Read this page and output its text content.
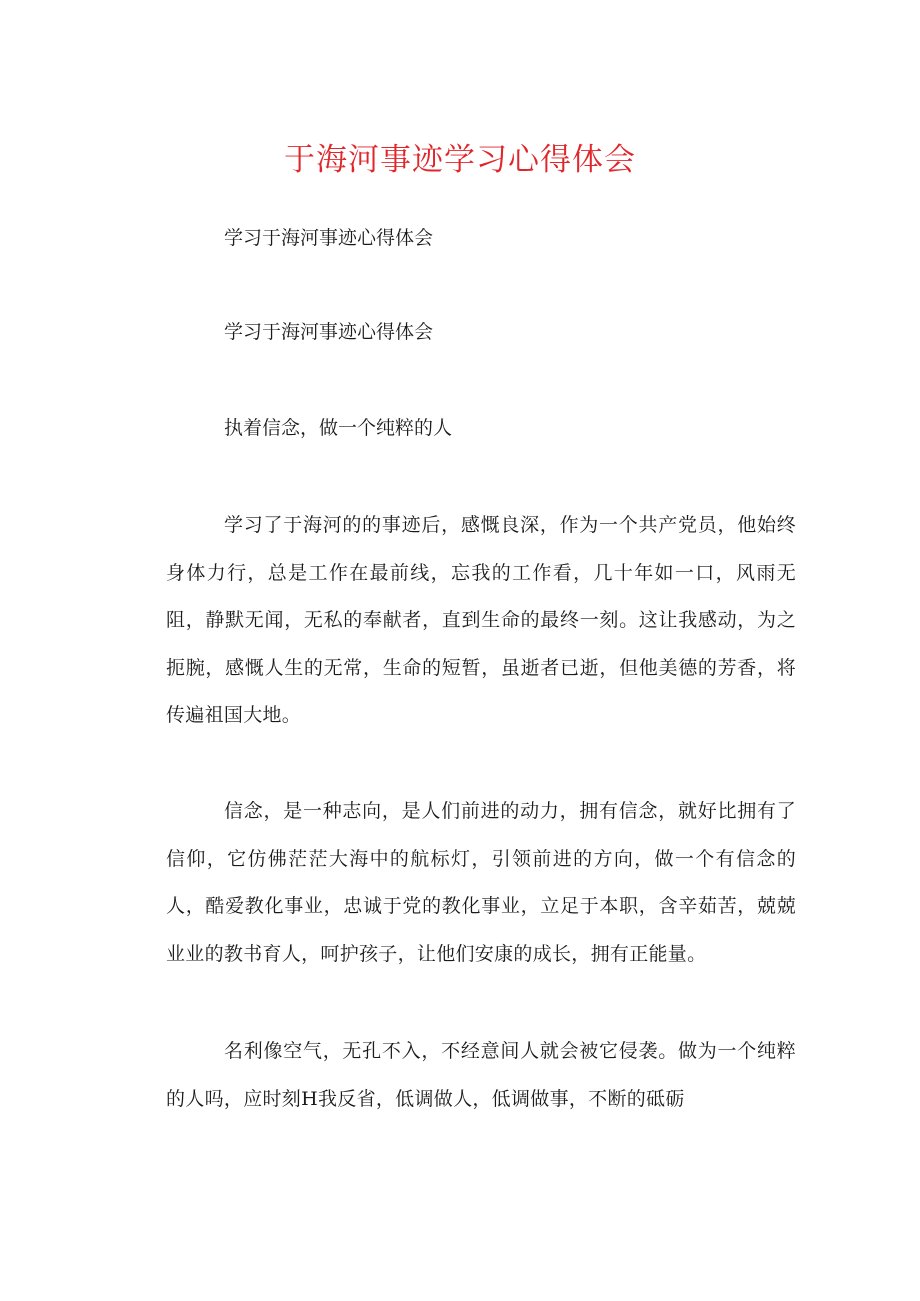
于海河事迹学习心得体会
学习于海河事迹心得体会
学习于海河事迹心得体会
执着信念，做一个纯粹的人
学习了于海河的的事迹后，感慨良深，作为一个共产党员，他始终身体力行，总是工作在最前线，忘我的工作看，几十年如一口，风雨无阻，静默无闻，无私的奉献者，直到生命的最终一刻。这让我感动，为之扼腕，感慨人生的无常，生命的短暂，虽逝者已逝，但他美德的芳香，将传遍祖国大地。
信念，是一种志向，是人们前进的动力，拥有信念，就好比拥有了信仰，它仿佛茫茫大海中的航标灯，引领前进的方向，做一个有信念的人，酷爱教化事业，忠诚于党的教化事业，立足于本职，含辛茹苦，兢兢业业的教书育人，呵护孩子，让他们安康的成长，拥有正能量。
名利像空气，无孔不入，不经意间人就会被它侵袭。做为一个纯粹的人吗，应时刻H我反省，低调做人，低调做事，不断的砥砺
